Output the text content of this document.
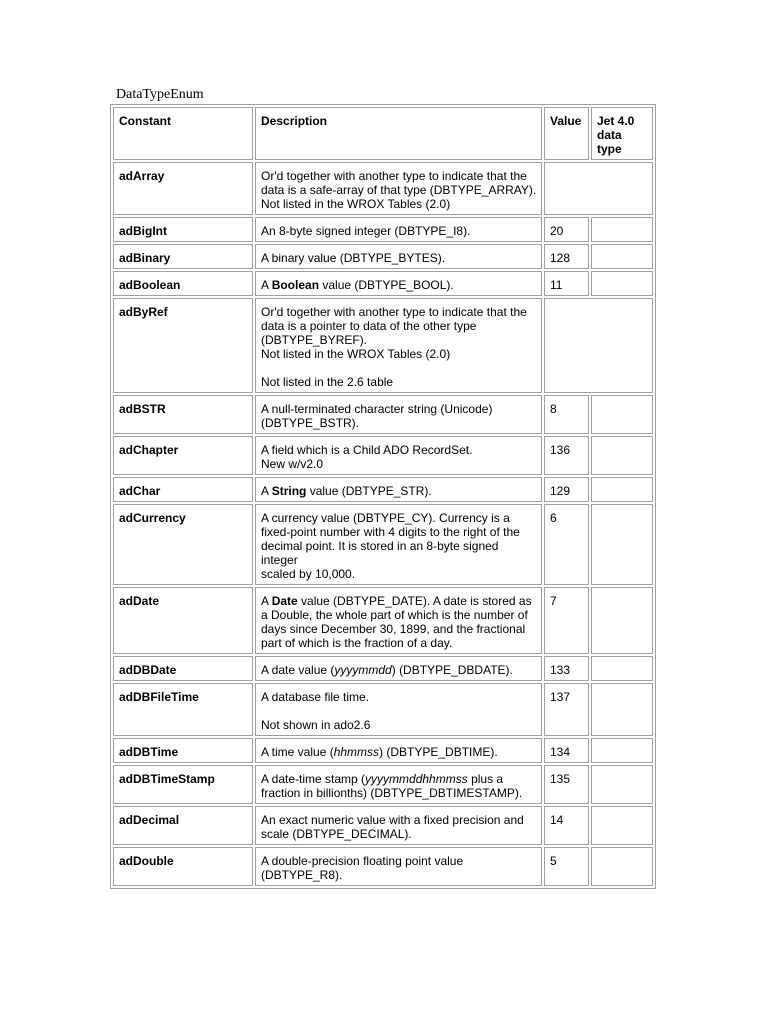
DataTypeEnum
Constant	Description	Value	Jet 4.0 data type
adArray	Or'd together with another type to indicate that the data is a safe-array of that type (DBTYPE_ARRAY).

Not listed in the WROX Tables (2.0)		

adBigInt	An 8-byte signed integer (DBTYPE_I8).	20	
adBinary	A binary value (DBTYPE_BYTES).	128	
adBoolean	A Boolean value (DBTYPE_BOOL).	11	
adByRef	Or'd together with another type to indicate that the data is a pointer to data of the other type (DBTYPE_BYREF).

Not listed in the WROX Tables (2.0)

Not listed in the 2.6 table		

adBSTR	A null-terminated character string (Unicode) (DBTYPE_BSTR).	8	
adChapter	A field which is a Child ADO RecordSet.

New w/v2.0	136	
adChar	A String value (DBTYPE_STR).	129	
adCurrency	A currency value (DBTYPE_CY). Currency is a fixed-point number with 4 digits to the right of the decimal point. It is stored in an 8-byte signed integer

scaled by 10,000.	6	
adDate	A Date value (DBTYPE_DATE). A date is stored as a Double, the whole part of which is the number of days since December 30, 1899, and the fractional part of which is the fraction of a day.	7	
adDBDate	A date value (yyyymmdd) (DBTYPE_DBDATE).	133	
adDBFileTime	A database file time.

Not shown in ado2.6	137	
adDBTime	A time value (hhmmss) (DBTYPE_DBTIME).	134	
adDBTimeStamp	A date-time stamp (yyyymmddhhmmss plus a fraction in billionths) (DBTYPE_DBTIMESTAMP).	135	
adDecimal	An exact numeric value with a fixed precision and scale (DBTYPE_DECIMAL).	14	
adDouble	A double-precision floating point value (DBTYPE_R8).	5	
